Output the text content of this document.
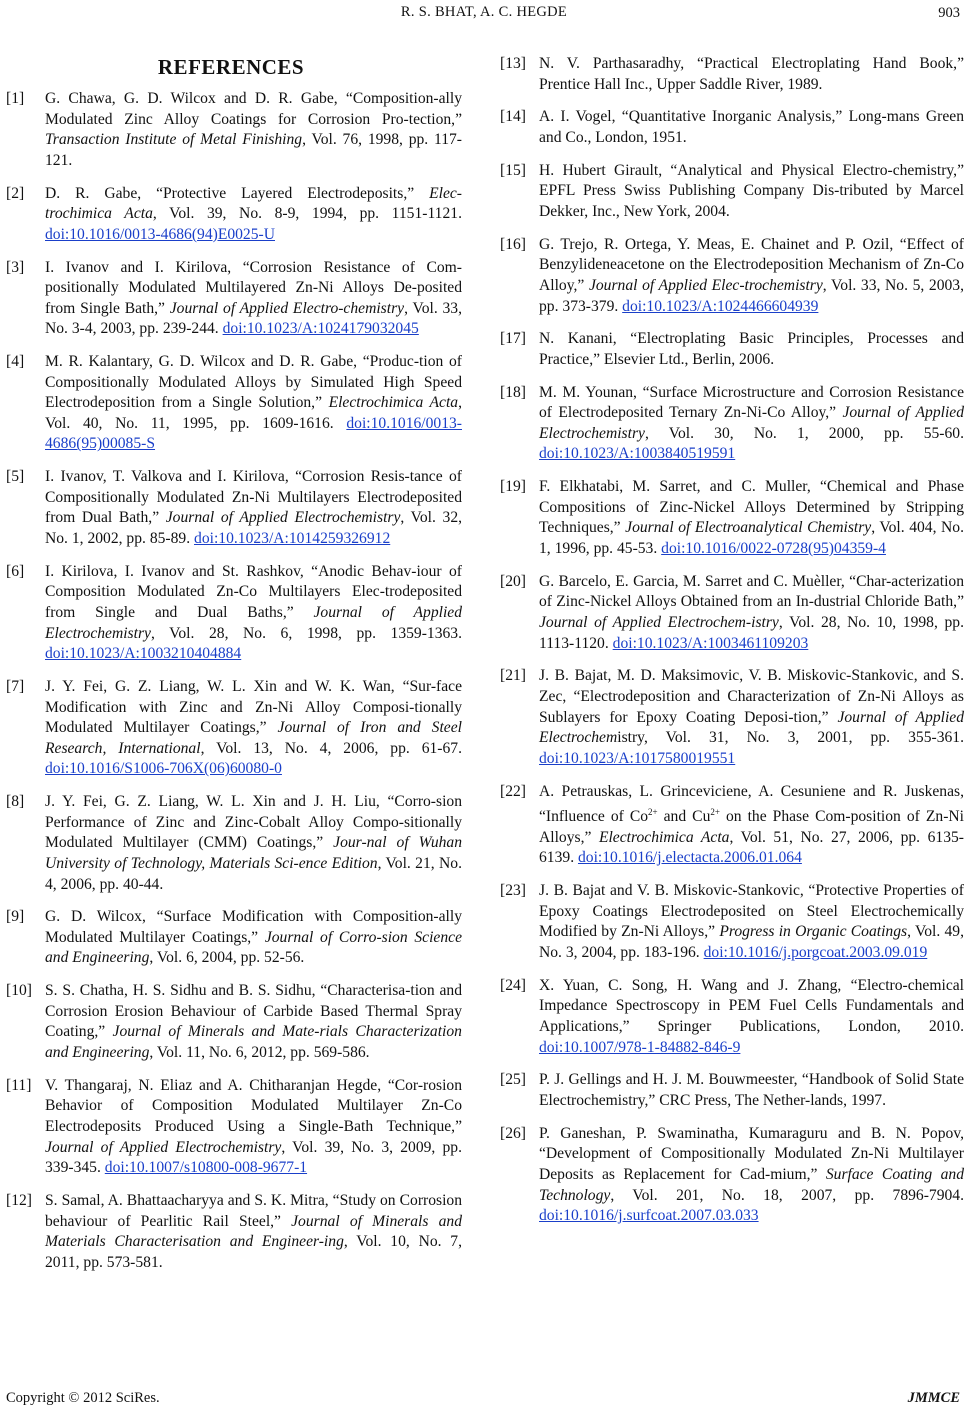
R. S. BHAT, A. C. HEGDE	903
REFERENCES
[1] G. Chawa, G. D. Wilcox and D. R. Gabe, “Composition-ally Modulated Zinc Alloy Coatings for Corrosion Pro-tection,” Transaction Institute of Metal Finishing, Vol. 76, 1998, pp. 117-121.
[2] D. R. Gabe, “Protective Layered Electrodeposits,” Elec-trochimica Acta, Vol. 39, No. 8-9, 1994, pp. 1151-1121. doi:10.1016/0013-4686(94)E0025-U
[3] I. Ivanov and I. Kirilova, “Corrosion Resistance of Com-positionally Modulated Multilayered Zn-Ni Alloys De-posited from Single Bath,” Journal of Applied Electro-chemistry, Vol. 33, No. 3-4, 2003, pp. 239-244. doi:10.1023/A:1024179032045
[4] M. R. Kalantary, G. D. Wilcox and D. R. Gabe, “Produc-tion of Compositionally Modulated Alloys by Simulated High Speed Electrodeposition from a Single Solution,” Electrochimica Acta, Vol. 40, No. 11, 1995, pp. 1609-1616. doi:10.1016/0013-4686(95)00085-S
[5] I. Ivanov, T. Valkova and I. Kirilova, “Corrosion Resis-tance of Compositionally Modulated Zn-Ni Multilayers Electrodeposited from Dual Bath,” Journal of Applied Electrochemistry, Vol. 32, No. 1, 2002, pp. 85-89. doi:10.1023/A:1014259326912
[6] I. Kirilova, I. Ivanov and St. Rashkov, “Anodic Behav-iour of Composition Modulated Zn-Co Multilayers Elec-trodeposited from Single and Dual Baths,” Journal of Applied Electrochemistry, Vol. 28, No. 6, 1998, pp. 1359-1363. doi:10.1023/A:1003210404884
[7] J. Y. Fei, G. Z. Liang, W. L. Xin and W. K. Wan, “Sur-face Modification with Zinc and Zn-Ni Alloy Composi-tionally Modulated Multilayer Coatings,” Journal of Iron and Steel Research, International, Vol. 13, No. 4, 2006, pp. 61-67. doi:10.1016/S1006-706X(06)60080-0
[8] J. Y. Fei, G. Z. Liang, W. L. Xin and J. H. Liu, “Corro-sion Performance of Zinc and Zinc-Cobalt Alloy Compo-sitionally Modulated Multilayer (CMM) Coatings,” Jour-nal of Wuhan University of Technology, Materials Sci-ence Edition, Vol. 21, No. 4, 2006, pp. 40-44.
[9] G. D. Wilcox, “Surface Modification with Composition-ally Modulated Multilayer Coatings,” Journal of Corro-sion Science and Engineering, Vol. 6, 2004, pp. 52-56.
[10] S. S. Chatha, H. S. Sidhu and B. S. Sidhu, “Characterisa-tion and Corrosion Erosion Behaviour of Carbide Based Thermal Spray Coating,” Journal of Minerals and Mate-rials Characterization and Engineering, Vol. 11, No. 6, 2012, pp. 569-586.
[11] V. Thangaraj, N. Eliaz and A. Chitharanjan Hegde, “Cor-rosion Behavior of Composition Modulated Multilayer Zn-Co Electrodeposits Produced Using a Single-Bath Technique,” Journal of Applied Electrochemistry, Vol. 39, No. 3, 2009, pp. 339-345. doi:10.1007/s10800-008-9677-1
[12] S. Samal, A. Bhattaacharyya and S. K. Mitra, “Study on Corrosion behaviour of Pearlitic Rail Steel,” Journal of Minerals and Materials Characterisation and Engineer-ing, Vol. 10, No. 7, 2011, pp. 573-581.
[13] N. V. Parthasaradhy, “Practical Electroplating Hand Book,” Prentice Hall Inc., Upper Saddle River, 1989.
[14] A. I. Vogel, “Quantitative Inorganic Analysis,” Long-mans Green and Co., London, 1951.
[15] H. Hubert Girault, “Analytical and Physical Electro-chemistry,” EPFL Press Swiss Publishing Company Dis-tributed by Marcel Dekker, Inc., New York, 2004.
[16] G. Trejo, R. Ortega, Y. Meas, E. Chainet and P. Ozil, “Effect of Benzylideneacetone on the Electrodeposition Mechanism of Zn-Co Alloy,” Journal of Applied Elec-trochemistry, Vol. 33, No. 5, 2003, pp. 373-379. doi:10.1023/A:1024466604939
[17] N. Kanani, “Electroplating Basic Principles, Processes and Practice,” Elsevier Ltd., Berlin, 2006.
[18] M. M. Younan, “Surface Microstructure and Corrosion Resistance of Electrodeposited Ternary Zn-Ni-Co Alloy,” Journal of Applied Electrochemistry, Vol. 30, No. 1, 2000, pp. 55-60. doi:10.1023/A:1003840519591
[19] F. Elkhatabi, M. Sarret, and C. Muller, “Chemical and Phase Compositions of Zinc-Nickel Alloys Determined by Stripping Techniques,” Journal of Electroanalytical Chemistry, Vol. 404, No. 1, 1996, pp. 45-53. doi:10.1016/0022-0728(95)04359-4
[20] G. Barcelo, E. Garcia, M. Sarret and C. Muèller, “Char-acterization of Zinc-Nickel Alloys Obtained from an In-dustrial Chloride Bath,” Journal of Applied Electrochem-istry, Vol. 28, No. 10, 1998, pp. 1113-1120. doi:10.1023/A:1003461109203
[21] J. B. Bajat, M. D. Maksimovic, V. B. Miskovic-Stankovic, and S. Zec, “Electrodeposition and Characterization of Zn-Ni Alloys as Sublayers for Epoxy Coating Deposi-tion,” Journal of Applied Electrochemistry, Vol. 31, No. 3, 2001, pp. 355-361. doi:10.1023/A:1017580019551
[22] A. Petrauskas, L. Grinceviciene, A. Cesuniene and R. Juskenas, “Influence of $Co^{2+}$ and $Cu^{2+}$ on the Phase Com-position of Zn-Ni Alloys,” Electrochimica Acta, Vol. 51, No. 27, 2006, pp. 6135-6139. doi:10.1016/j.electacta.2006.01.064
[23] J. B. Bajat and V. B. Miskovic-Stankovic, “Protective Properties of Epoxy Coatings Electrodeposited on Steel Electrochemically Modified by Zn-Ni Alloys,” Progress in Organic Coatings, Vol. 49, No. 3, 2004, pp. 183-196. doi:10.1016/j.porgcoat.2003.09.019
[24] X. Yuan, C. Song, H. Wang and J. Zhang, “Electro-chemical Impedance Spectroscopy in PEM Fuel Cells Fundamentals and Applications,” Springer Publications, London, 2010. doi:10.1007/978-1-84882-846-9
[25] P. J. Gellings and H. J. M. Bouwmeester, “Handbook of Solid State Electrochemistry,” CRC Press, The Nether-lands, 1997.
[26] P. Ganeshan, P. Swaminatha, Kumaraguru and B. N. Popov, “Development of Compositionally Modulated Zn-Ni Multilayer Deposits as Replacement for Cad-mium,” Surface Coating and Technology, Vol. 201, No. 18, 2007, pp. 7896-7904. doi:10.1016/j.surfcoat.2007.03.033
Copyright © 2012 SciRes.	JMMCE
